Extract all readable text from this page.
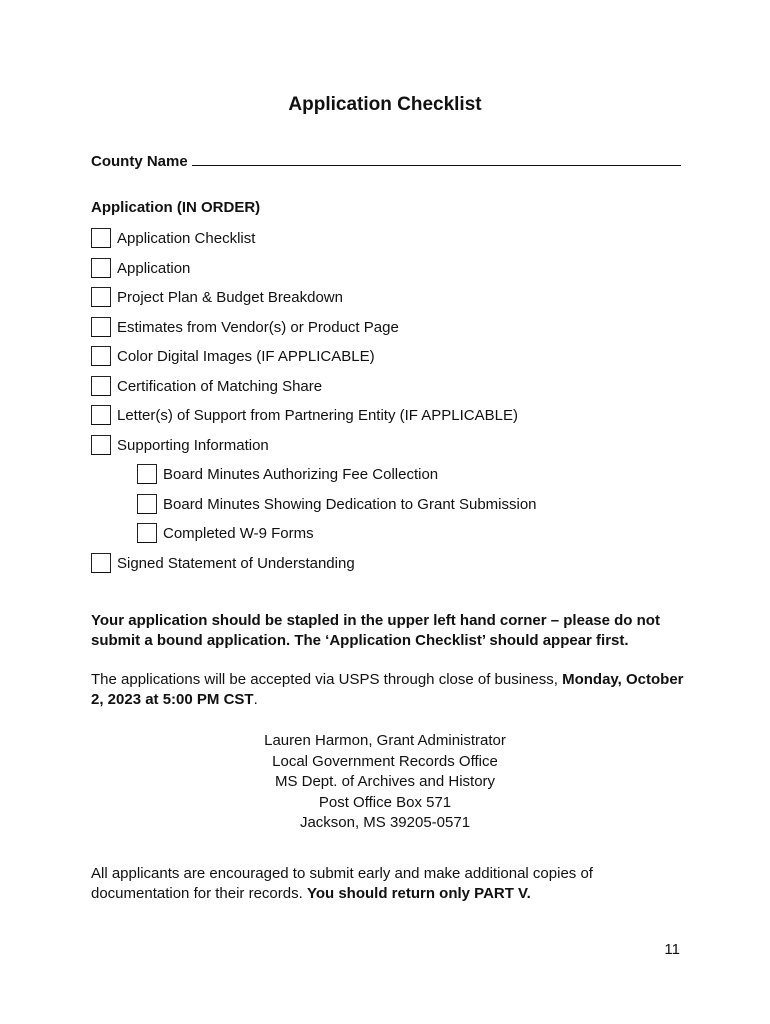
Application Checklist
County Name
Application (IN ORDER)
Application Checklist
Application
Project Plan & Budget Breakdown
Estimates from Vendor(s) or Product Page
Color Digital Images (IF APPLICABLE)
Certification of Matching Share
Letter(s) of Support from Partnering Entity (IF APPLICABLE)
Supporting Information
Board Minutes Authorizing Fee Collection
Board Minutes Showing Dedication to Grant Submission
Completed W-9 Forms
Signed Statement of Understanding
Your application should be stapled in the upper left hand corner – please do not submit a bound application. The ‘Application Checklist’ should appear first.
The applications will be accepted via USPS through close of business, Monday, October 2, 2023 at 5:00 PM CST.
Lauren Harmon, Grant Administrator
Local Government Records Office
MS Dept. of Archives and History
Post Office Box 571
Jackson, MS 39205-0571
All applicants are encouraged to submit early and make additional copies of documentation for their records. You should return only PART V.
11
